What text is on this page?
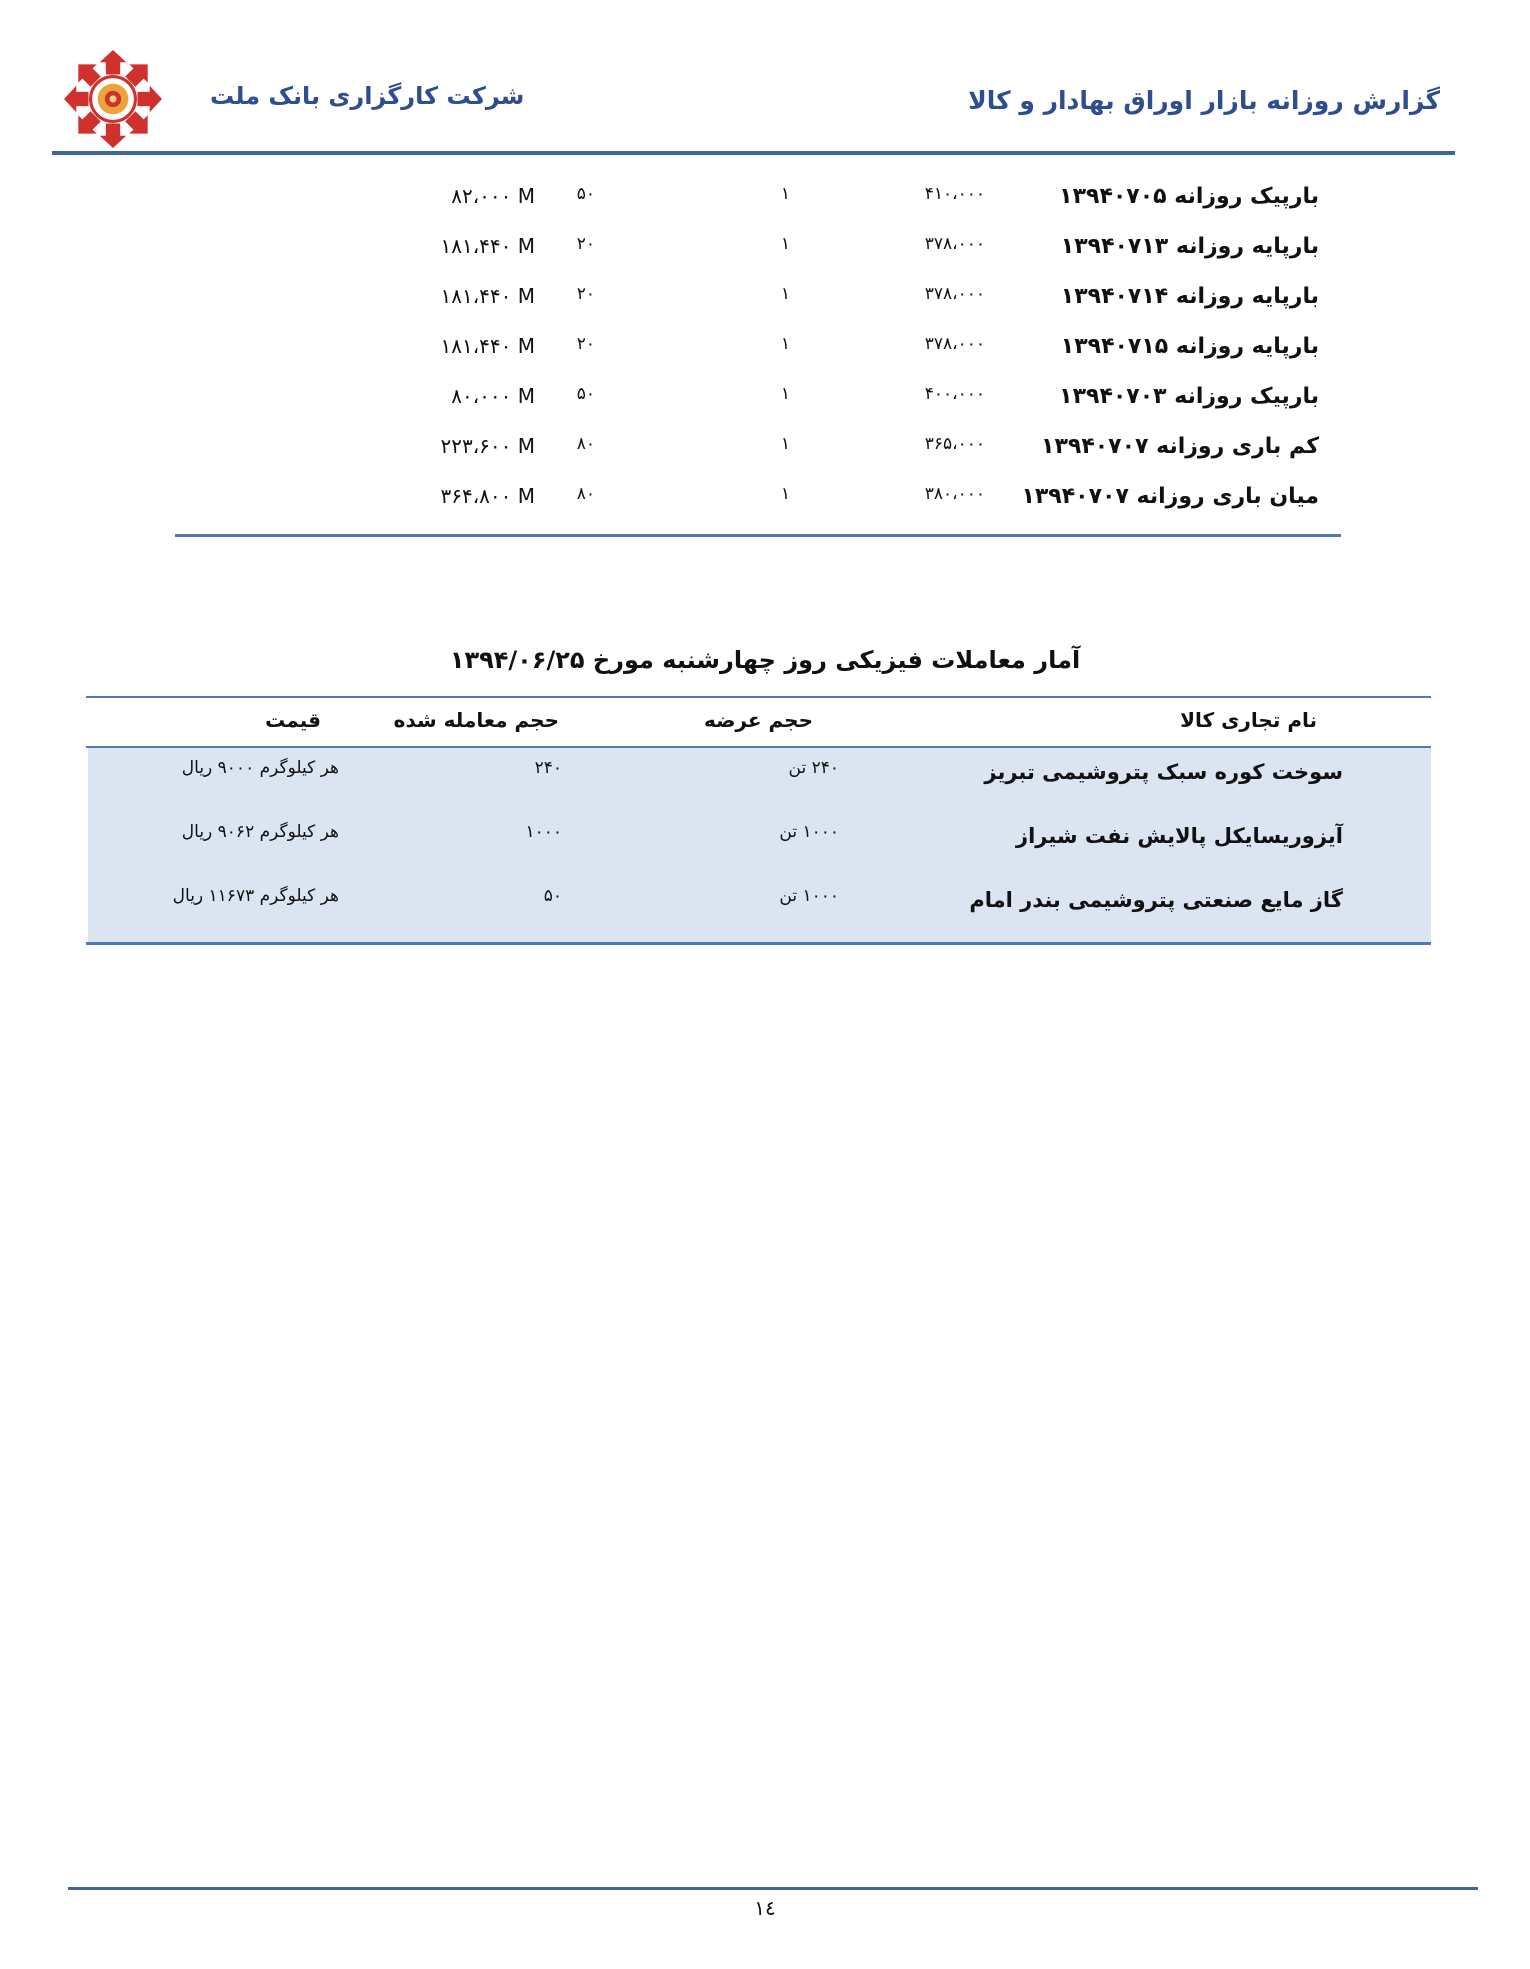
شرکت کارگزاری بانک ملت	گزارش روزانه بازار اوراق بهادار و کالا
بارپیک روزانه ۱۳۹۴۰۷۰۵
۴۱۰،۰۰۰
۱
۵۰
۸۲،۰۰۰ M
بارپایه روزانه ۱۳۹۴۰۷۱۳
۳۷۸،۰۰۰
۱
۲۰
۱۸۱،۴۴۰ M
بارپایه روزانه ۱۳۹۴۰۷۱۴
۳۷۸،۰۰۰
۱
۲۰
۱۸۱،۴۴۰ M
بارپایه روزانه ۱۳۹۴۰۷۱۵
۳۷۸،۰۰۰
۱
۲۰
۱۸۱،۴۴۰ M
بارپیک روزانه ۱۳۹۴۰۷۰۳
۴۰۰،۰۰۰
۱
۵۰
۸۰،۰۰۰ M
کم باری روزانه ۱۳۹۴۰۷۰۷
۳۶۵،۰۰۰
۱
۸۰
۲۲۳،۶۰۰ M
میان باری روزانه ۱۳۹۴۰۷۰۷
۳۸۰،۰۰۰
۱
۸۰
۳۶۴،۸۰۰ M
آمار معاملات فیزیکی روز چهارشنبه مورخ ۱۳۹۴/۰۶/۲۵
نام تجاری کالا
حجم عرضه
حجم معامله شده
قیمت
سوخت کوره سبک پتروشیمی تبریز
۲۴۰ تن
۲۴۰
هر کیلوگرم ۹۰۰۰ ریال
آیزوریسایکل پالایش نفت شیراز
۱۰۰۰ تن
۱۰۰۰
هر کیلوگرم ۹۰۶۲ ریال
گاز مایع صنعتی پتروشیمی بندر امام
۱۰۰۰ تن
۵۰
هر کیلوگرم ۱۱۶۷۳ ریال
۱٤
